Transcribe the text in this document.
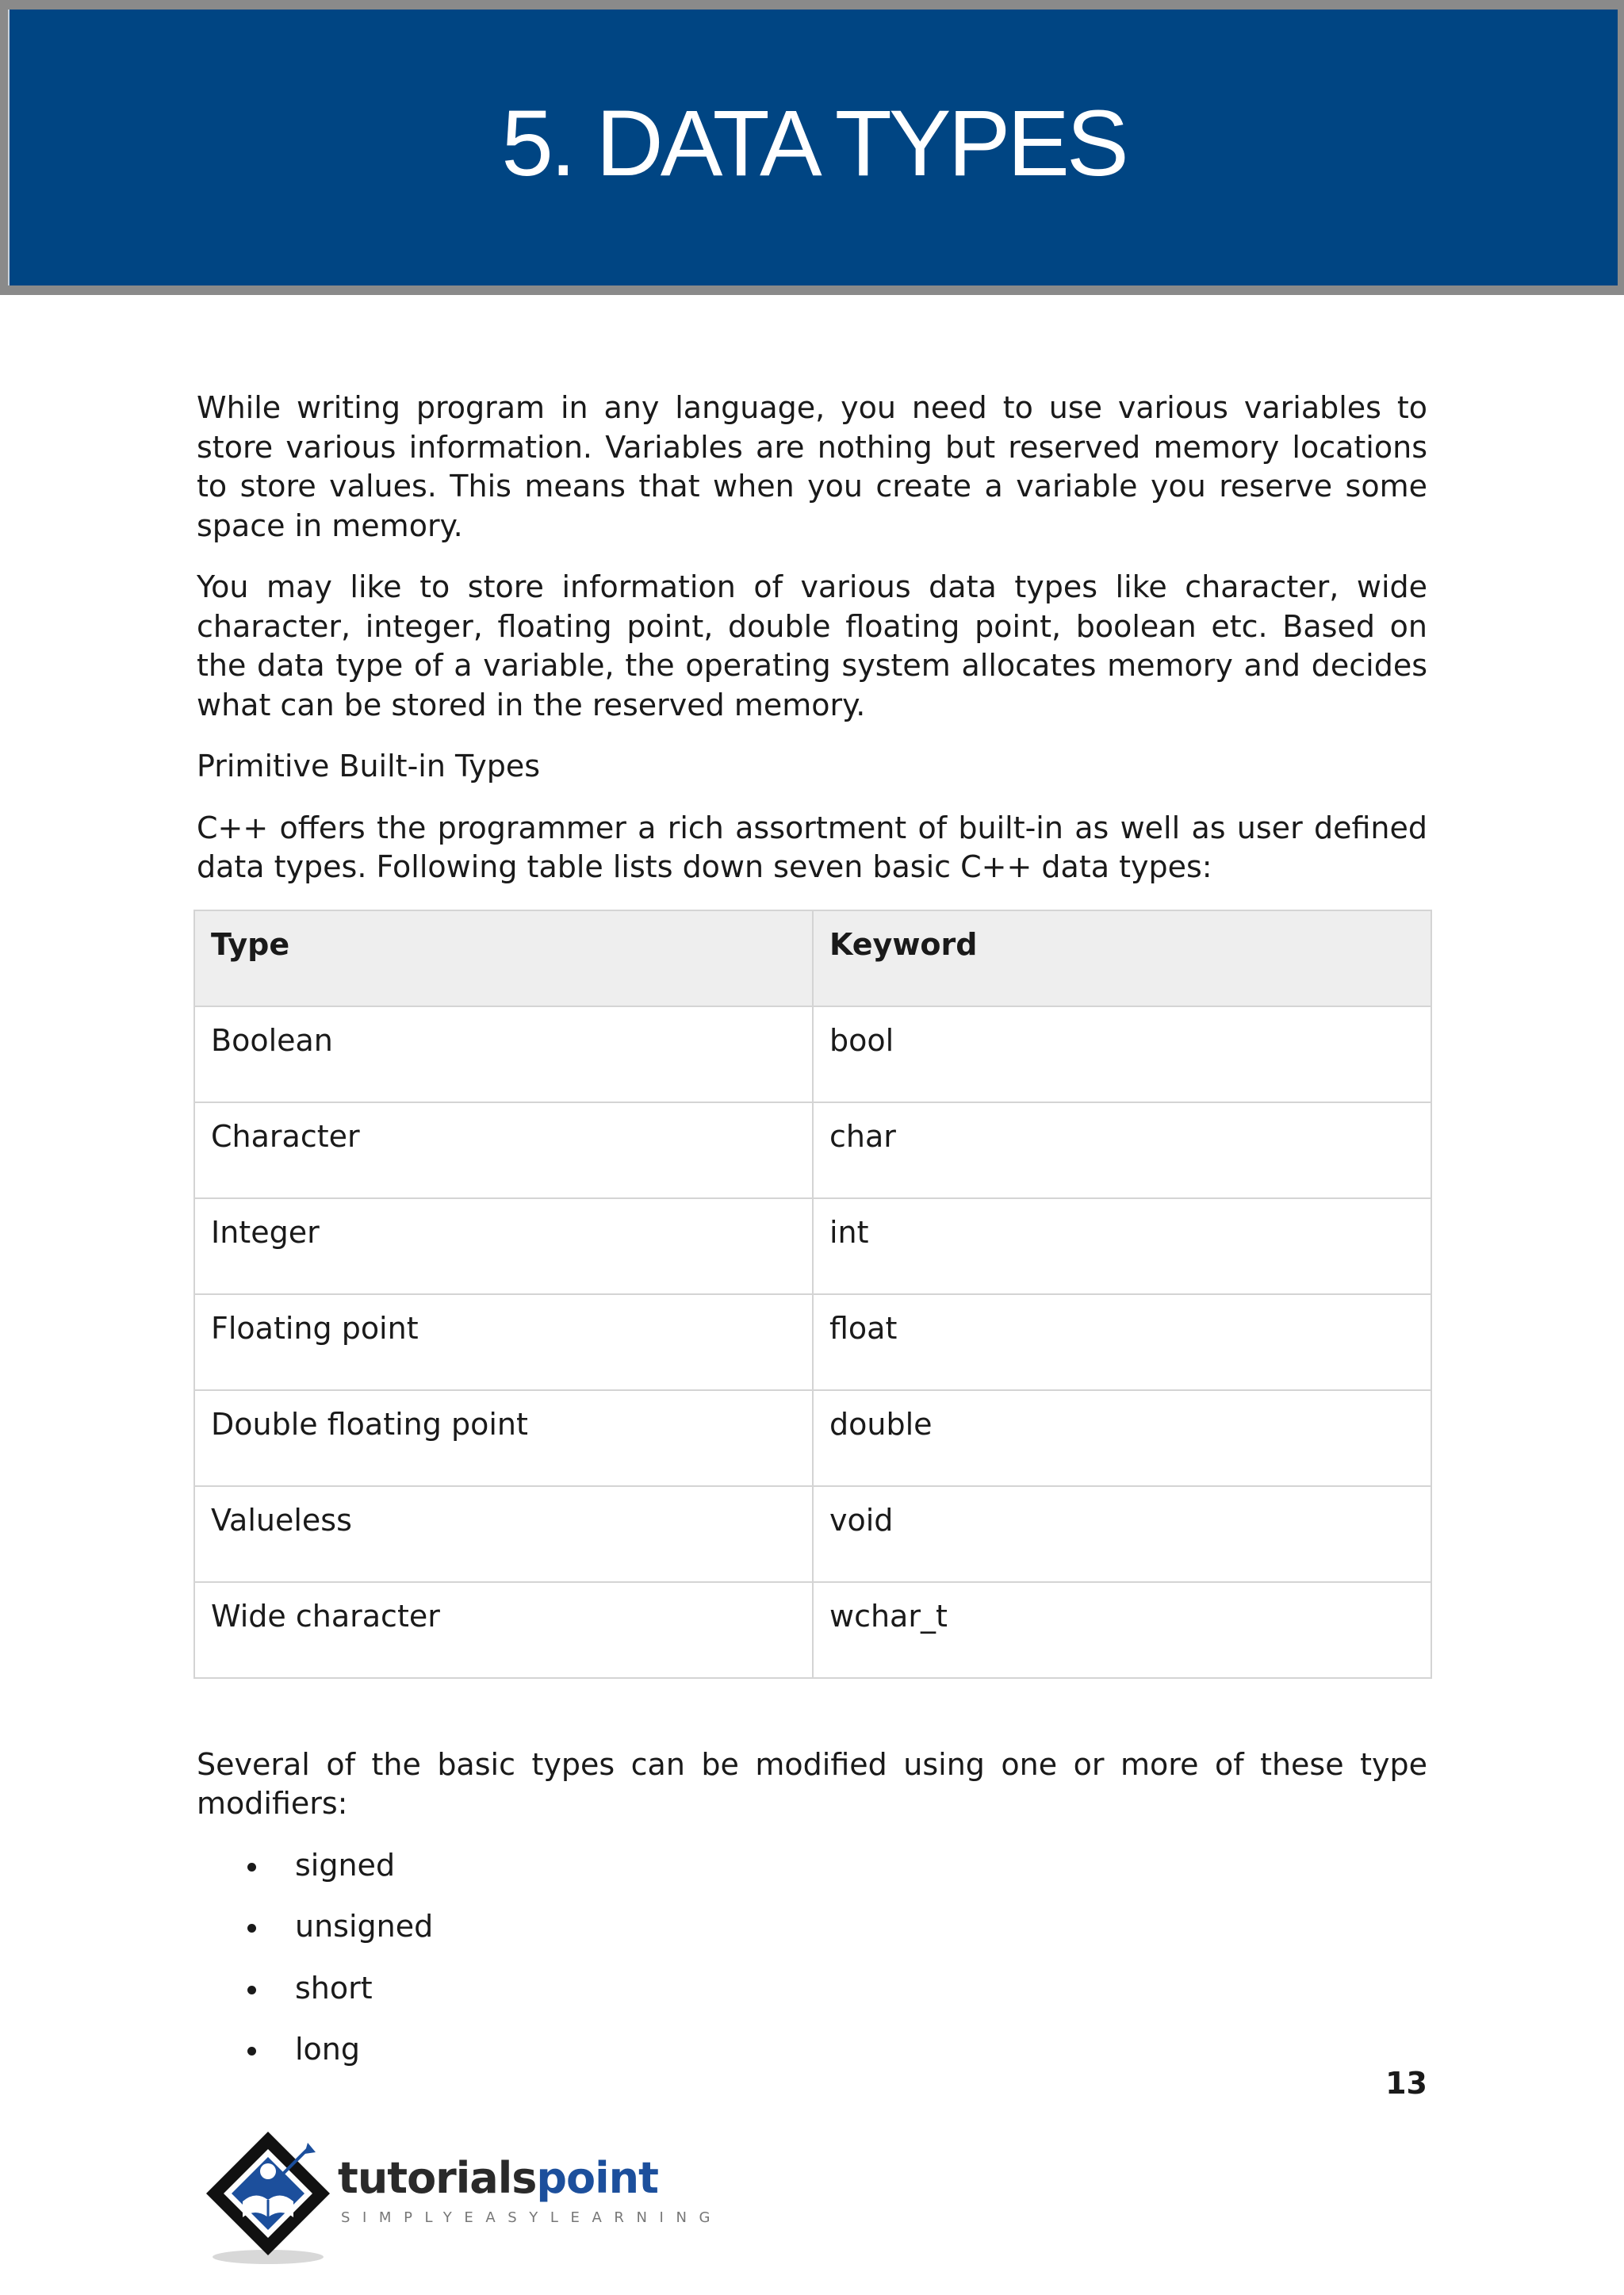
5. DATA TYPES

While writing program in any language, you need to use various variables to store various information. Variables are nothing but reserved memory locations to store values. This means that when you create a variable you reserve some space in memory.

You may like to store information of various data types like character, wide character, integer, floating point, double floating point, boolean etc. Based on the data type of a variable, the operating system allocates memory and decides what can be stored in the reserved memory.

Primitive Built-in Types

C++ offers the programmer a rich assortment of built-in as well as user defined data types. Following table lists down seven basic C++ data types:

Type	Keyword
Boolean	bool
Character	char
Integer	int
Floating point	float
Double floating point	double
Valueless	void
Wide character	wchar_t

Several of the basic types can be modified using one or more of these type modifiers:

signed
unsigned
short
long
13
tutorialspoint
SIMPLYEASYLEARNING
